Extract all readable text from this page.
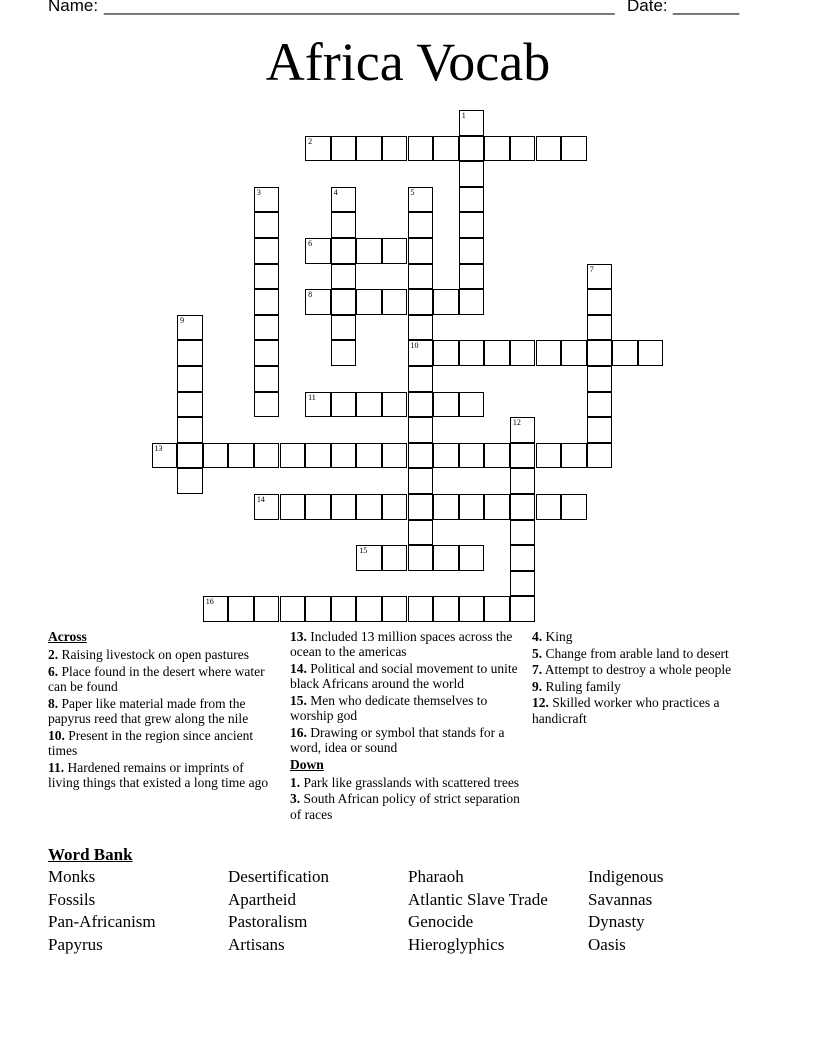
Name: ______________________________________________________ Date: _______
Africa Vocab
1
2
3	4	5
10
6
7
8
9
11
12
13
14
15
16
Across
2. Raising livestock on open pastures
6. Place found in the desert where water can be found
8. Paper like material made from the papyrus reed that grew along the nile
10. Present in the region since ancient times
11. Hardened remains or imprints of living things that existed a long time ago
13. Included 13 million spaces across the ocean to the americas
14. Political and social movement to unite black Africans around the world
15. Men who dedicate themselves to worship god
16. Drawing or symbol that stands for a word, idea or sound
Down
1. Park like grasslands with scattered trees
3. South African policy of strict separation of races
4. King
5. Change from arable land to desert
7. Attempt to destroy a whole people
9. Ruling family
12. Skilled worker who practices a handicraft
Word Bank
Monks	Desertification	Pharaoh	Indigenous
Fossils	Apartheid	Atlantic Slave Trade	Savannas
Pan-Africanism	Pastoralism	Genocide	Dynasty
Papyrus	Artisans	Hieroglyphics	Oasis
